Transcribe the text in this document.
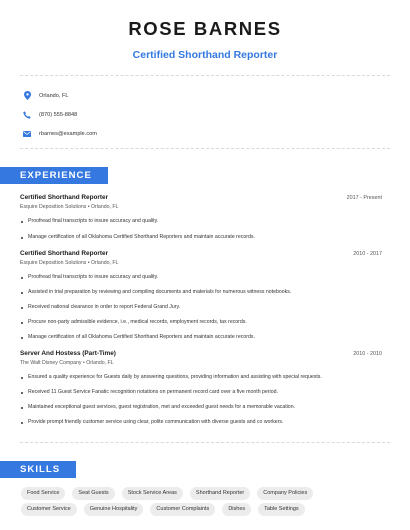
ROSE BARNES
Certified Shorthand Reporter
Orlando, FL
(870) 555-8848
rbarnes@example.com
EXPERIENCE
Certified Shorthand Reporter	2017 - Present
Esquire Deposition Solutions • Orlando, FL
Proofread final transcripts to insure accuracy and quality.
Manage certification of all Oklahoma Certified Shorthand Reporters and maintain accurate records.
Certified Shorthand Reporter	2010 - 2017
Esquire Deposition Solutions • Orlando, FL
Proofread final transcripts to insure accuracy and quality.
Assisted in trial preparation by reviewing and compiling documents and materials for numerous witness notebooks.
Received national clearance in order to report Federal Grand Jury.
Procure non-party admissible evidence, i.e., medical records, employment records, tax records.
Manage certification of all Oklahoma Certified Shorthand Reporters and maintain accurate records.
Server And Hostess (Part-Time)	2010 - 2010
The Walt Disney Company • Orlando, FL
Ensured a quality experience for Guests daily by answering questions, providing information and assisting with special requests.
Received 11 Guest Service Fanatic recognition notations on permanent record card over a five month period.
Maintained exceptional guest services, guest registration, met and exceeded guest needs for a memorable vacation.
Provide prompt friendly customer service using clear, polite communication with diverse guests and co workers.
SKILLS
Food Service	Seat Guests	Stock Service Areas	Shorthand Reporter	Company Policies
Customer Service	Genuine Hospitality	Customer Complaints	Dishes	Table Settings
